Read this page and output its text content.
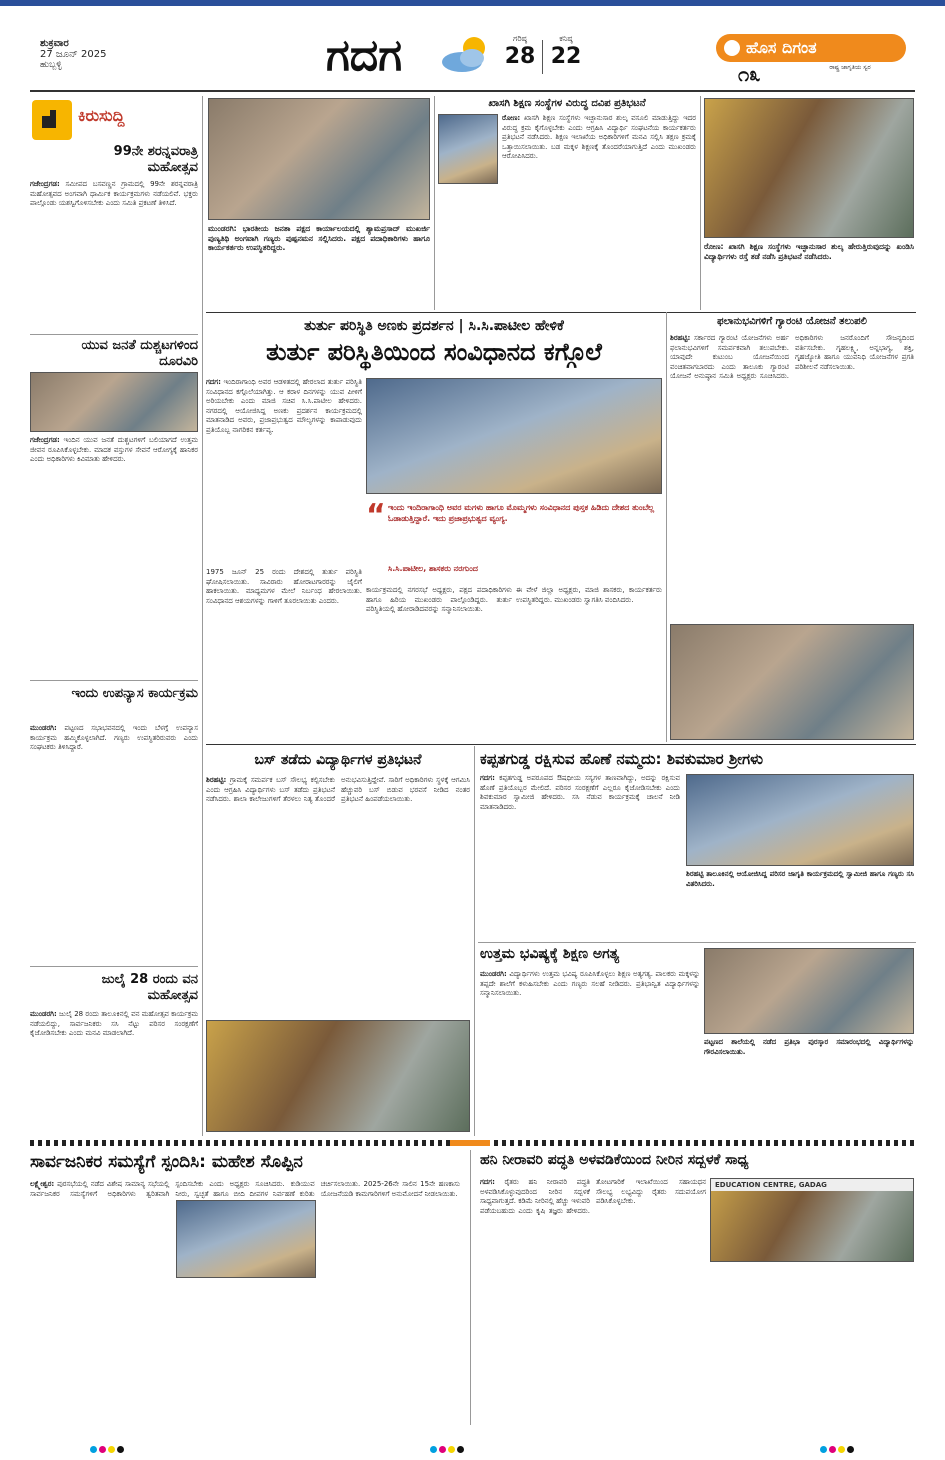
ಶುಕ್ರವಾರ
27 ಜೂನ್ 2025
ಹುಬ್ಬಳ್ಳಿ	ಗದಗ	ಗರಿಷ್ಠ
28
ಕನಿಷ್ಠ
22	ಹೊಸ ದಿಗಂತ
ರಾಷ್ಟ್ರ ಜಾಗೃತಿಯ ಸ್ವರ
೧೩
ಕಿರುಸುದ್ದಿ
99ನೇ ಶರನ್ನವರಾತ್ರಿ ಮಹೋತ್ಸವ
ಗಜೇಂದ್ರಗಡ: ಸಮೀಪದ ಬಸವಣ್ಣನ ಗ್ರಾಮದಲ್ಲಿ 99ನೇ ಶರನ್ನವರಾತ್ರಿ ಮಹೋತ್ಸವದ ಅಂಗವಾಗಿ ಧಾರ್ಮಿಕ ಕಾರ್ಯಕ್ರಮಗಳು ನಡೆಯಲಿವೆ. ಭಕ್ತರು ಪಾಲ್ಗೊಂಡು ಯಶಸ್ವಿಗೊಳಿಸಬೇಕು ಎಂದು ಸಮಿತಿ ಪ್ರಕಟಣೆ ತಿಳಿಸಿದೆ.
ಯುವ ಜನತೆ ದುಶ್ಚಟಗಳಿಂದ ದೂರವಿರಿ
ಗಜೇಂದ್ರಗಡ: ಇಂದಿನ ಯುವ ಜನತೆ ದುಶ್ಚಟಗಳಿಗೆ ಬಲಿಯಾಗದೆ ಉತ್ತಮ ಜೀವನ ರೂಪಿಸಿಕೊಳ್ಳಬೇಕು. ಮಾದಕ ವಸ್ತುಗಳ ಸೇವನೆ ಆರೋಗ್ಯಕ್ಕೆ ಹಾನಿಕರ ಎಂದು ಅಧಿಕಾರಿಗಳು ಕಿವಿಮಾತು ಹೇಳಿದರು.
ಇಂದು ಉಪನ್ಯಾಸ ಕಾರ್ಯಕ್ರಮ
ಮುಂಡರಗಿ: ಪಟ್ಟಣದ ಸಭಾಭವನದಲ್ಲಿ ಇಂದು ಬೆಳಗ್ಗೆ ಉಪನ್ಯಾಸ ಕಾರ್ಯಕ್ರಮ ಹಮ್ಮಿಕೊಳ್ಳಲಾಗಿದೆ. ಗಣ್ಯರು ಉಪಸ್ಥಿತರಿರುವರು ಎಂದು ಸಂಘಟಕರು ತಿಳಿಸಿದ್ದಾರೆ.
ಜುಲೈ 28 ರಂದು ವನ ಮಹೋತ್ಸವ
ಮುಂಡರಗಿ: ಜುಲೈ 28 ರಂದು ತಾಲೂಕಿನಲ್ಲಿ ವನ ಮಹೋತ್ಸವ ಕಾರ್ಯಕ್ರಮ ನಡೆಯಲಿದ್ದು, ಸಾರ್ವಜನಿಕರು ಸಸಿ ನೆಟ್ಟು ಪರಿಸರ ಸಂರಕ್ಷಣೆಗೆ ಕೈಜೋಡಿಸಬೇಕು ಎಂದು ಮನವಿ ಮಾಡಲಾಗಿದೆ.
ಮುಂಡರಗಿ: ಭಾರತೀಯ ಜನತಾ ಪಕ್ಷದ ಕಾರ್ಯಾಲಯದಲ್ಲಿ ಶ್ಯಾಮಪ್ರಸಾದ್ ಮುಖರ್ಜಿ ಪುಣ್ಯತಿಥಿ ಅಂಗವಾಗಿ ಗಣ್ಯರು ಪುಷ್ಪನಮನ ಸಲ್ಲಿಸಿದರು. ಪಕ್ಷದ ಪದಾಧಿಕಾರಿಗಳು ಹಾಗೂ ಕಾರ್ಯಕರ್ತರು ಉಪಸ್ಥಿತರಿದ್ದರು.
ಖಾಸಗಿ ಶಿಕ್ಷಣ ಸಂಸ್ಥೆಗಳ ವಿರುದ್ಧ ದವಿಪ ಪ್ರತಿಭಟನೆ
ರೋಣ: ಖಾಸಗಿ ಶಿಕ್ಷಣ ಸಂಸ್ಥೆಗಳು ಇಚ್ಛಾನುಸಾರ ಶುಲ್ಕ ವಸೂಲಿ ಮಾಡುತ್ತಿದ್ದು ಇದರ ವಿರುದ್ಧ ಕ್ರಮ ಕೈಗೊಳ್ಳಬೇಕು ಎಂದು ಆಗ್ರಹಿಸಿ ವಿದ್ಯಾರ್ಥಿ ಸಂಘಟನೆಯ ಕಾರ್ಯಕರ್ತರು ಪ್ರತಿಭಟನೆ ನಡೆಸಿದರು. ಶಿಕ್ಷಣ ಇಲಾಖೆಯ ಅಧಿಕಾರಿಗಳಿಗೆ ಮನವಿ ಸಲ್ಲಿಸಿ ತಕ್ಷಣ ಕ್ರಮಕ್ಕೆ ಒತ್ತಾಯಿಸಲಾಯಿತು. ಬಡ ಮಕ್ಕಳ ಶಿಕ್ಷಣಕ್ಕೆ ತೊಂದರೆಯಾಗುತ್ತಿದೆ ಎಂದು ಮುಖಂಡರು ಆರೋಪಿಸಿದರು.
ರೋಣ: ಖಾಸಗಿ ಶಿಕ್ಷಣ ಸಂಸ್ಥೆಗಳು ಇಚ್ಛಾನುಸಾರ ಶುಲ್ಕ ಹೇರುತ್ತಿರುವುದನ್ನು ಖಂಡಿಸಿ ವಿದ್ಯಾರ್ಥಿಗಳು ರಸ್ತೆ ತಡೆ ನಡೆಸಿ ಪ್ರತಿಭಟನೆ ನಡೆಸಿದರು.
ತುರ್ತು ಪರಿಸ್ಥಿತಿ ಅಣಕು ಪ್ರದರ್ಶನ | ಸಿ.ಸಿ.ಪಾಟೀಲ ಹೇಳಿಕೆ
ತುರ್ತು ಪರಿಸ್ಥಿತಿಯಿಂದ ಸಂವಿಧಾನದ ಕಗ್ಗೊಲೆ
ಗದಗ: ಇಂದಿರಾಗಾಂಧಿ ಅವರ ಆಡಳಿತದಲ್ಲಿ ಹೇರಲಾದ ತುರ್ತು ಪರಿಸ್ಥಿತಿ ಸಂವಿಧಾನದ ಕಗ್ಗೊಲೆಯಾಗಿತ್ತು. ಆ ಕರಾಳ ದಿನಗಳನ್ನು ಯುವ ಪೀಳಿಗೆ ಅರಿಯಬೇಕು ಎಂದು ಮಾಜಿ ಸಚಿವ ಸಿ.ಸಿ.ಪಾಟೀಲ ಹೇಳಿದರು. ನಗರದಲ್ಲಿ ಆಯೋಜಿಸಿದ್ದ ಅಣಕು ಪ್ರದರ್ಶನ ಕಾರ್ಯಕ್ರಮದಲ್ಲಿ ಮಾತನಾಡಿದ ಅವರು, ಪ್ರಜಾಪ್ರಭುತ್ವದ ಮೌಲ್ಯಗಳನ್ನು ಕಾಪಾಡುವುದು ಪ್ರತಿಯೊಬ್ಬ ನಾಗರಿಕನ ಕರ್ತವ್ಯ.
“ ಇಂದು ಇಂದಿರಾಗಾಂಧಿ ಅವರ ಮಗಳು ಹಾಗೂ ಮೊಮ್ಮಗಳು ಸಂವಿಧಾನದ ಪುಸ್ತಕ ಹಿಡಿದು ದೇಶದ ತುಂಬೆಲ್ಲ ಓಡಾಡುತ್ತಿದ್ದಾರೆ. ಇದು ಪ್ರಜಾಪ್ರಭುತ್ವದ ವ್ಯಂಗ್ಯ.
ಸಿ.ಸಿ.ಪಾಟೀಲ, ಶಾಸಕರು ನರಗುಂದ
1975 ಜೂನ್ 25 ರಂದು ದೇಶದಲ್ಲಿ ತುರ್ತು ಪರಿಸ್ಥಿತಿ ಘೋಷಿಸಲಾಯಿತು. ಸಾವಿರಾರು ಹೋರಾಟಗಾರರನ್ನು ಜೈಲಿಗೆ ಹಾಕಲಾಯಿತು. ಮಾಧ್ಯಮಗಳ ಮೇಲೆ ನಿರ್ಬಂಧ ಹೇರಲಾಯಿತು. ಸಂವಿಧಾನದ ಆಶಯಗಳನ್ನು ಗಾಳಿಗೆ ತೂರಲಾಯಿತು ಎಂದರು.
ಕಾರ್ಯಕ್ರಮದಲ್ಲಿ ನಗರಸಭೆ ಅಧ್ಯಕ್ಷರು, ಪಕ್ಷದ ಪದಾಧಿಕಾರಿಗಳು ಹಾಗೂ ಹಿರಿಯ ಮುಖಂಡರು ಪಾಲ್ಗೊಂಡಿದ್ದರು. ತುರ್ತು ಪರಿಸ್ಥಿತಿಯಲ್ಲಿ ಹೋರಾಡಿದವರನ್ನು ಸನ್ಮಾನಿಸಲಾಯಿತು.
ಈ ವೇಳೆ ಜಿಲ್ಲಾ ಅಧ್ಯಕ್ಷರು, ಮಾಜಿ ಶಾಸಕರು, ಕಾರ್ಯಕರ್ತರು ಉಪಸ್ಥಿತರಿದ್ದರು. ಮುಖಂಡರು ಸ್ವಾಗತಿಸಿ ವಂದಿಸಿದರು.
ಫಲಾನುಭವಿಗಳಿಗೆ ಗ್ಯಾರಂಟಿ ಯೋಜನೆ ತಲುಪಲಿ
ಶಿರಹಟ್ಟಿ: ಸರ್ಕಾರದ ಗ್ಯಾರಂಟಿ ಯೋಜನೆಗಳು ಅರ್ಹ ಫಲಾನುಭವಿಗಳಿಗೆ ಸಮರ್ಪಕವಾಗಿ ತಲುಪಬೇಕು. ಯಾವುದೇ ಕುಟುಂಬ ಯೋಜನೆಯಿಂದ ವಂಚಿತವಾಗಬಾರದು ಎಂದು ತಾಲೂಕು ಗ್ಯಾರಂಟಿ ಯೋಜನೆ ಅನುಷ್ಠಾನ ಸಮಿತಿ ಅಧ್ಯಕ್ಷರು ಸೂಚಿಸಿದರು. ಅಧಿಕಾರಿಗಳು ಜನರೊಂದಿಗೆ ಸೌಜನ್ಯದಿಂದ ವರ್ತಿಸಬೇಕು. ಗೃಹಲಕ್ಷ್ಮಿ, ಅನ್ನಭಾಗ್ಯ, ಶಕ್ತಿ, ಗೃಹಜ್ಯೋತಿ ಹಾಗೂ ಯುವನಿಧಿ ಯೋಜನೆಗಳ ಪ್ರಗತಿ ಪರಿಶೀಲನೆ ನಡೆಸಲಾಯಿತು.
ಬಸ್ ತಡೆದು ವಿದ್ಯಾರ್ಥಿಗಳ ಪ್ರತಿಭಟನೆ
ಶಿರಹಟ್ಟಿ: ಗ್ರಾಮಕ್ಕೆ ಸಮರ್ಪಕ ಬಸ್ ಸೌಲಭ್ಯ ಕಲ್ಪಿಸಬೇಕು ಎಂದು ಆಗ್ರಹಿಸಿ ವಿದ್ಯಾರ್ಥಿಗಳು ಬಸ್ ತಡೆದು ಪ್ರತಿಭಟನೆ ನಡೆಸಿದರು. ಶಾಲಾ ಕಾಲೇಜುಗಳಿಗೆ ತೆರಳಲು ನಿತ್ಯ ತೊಂದರೆ ಅನುಭವಿಸುತ್ತಿದ್ದೇವೆ. ಸಾರಿಗೆ ಅಧಿಕಾರಿಗಳು ಸ್ಥಳಕ್ಕೆ ಆಗಮಿಸಿ ಹೆಚ್ಚುವರಿ ಬಸ್ ಬಿಡುವ ಭರವಸೆ ನೀಡಿದ ನಂತರ ಪ್ರತಿಭಟನೆ ಹಿಂಪಡೆಯಲಾಯಿತು.
ಕಪ್ಪತಗುಡ್ಡ ರಕ್ಷಿಸುವ ಹೊಣೆ ನಮ್ಮದು: ಶಿವಕುಮಾರ ಶ್ರೀಗಳು
ಗದಗ: ಕಪ್ಪತಗುಡ್ಡ ಅಪರೂಪದ ಔಷಧೀಯ ಸಸ್ಯಗಳ ತಾಣವಾಗಿದ್ದು, ಅದನ್ನು ರಕ್ಷಿಸುವ ಹೊಣೆ ಪ್ರತಿಯೊಬ್ಬರ ಮೇಲಿದೆ. ಪರಿಸರ ಸಂರಕ್ಷಣೆಗೆ ಎಲ್ಲರೂ ಕೈಜೋಡಿಸಬೇಕು ಎಂದು ಶಿವಕುಮಾರ ಸ್ವಾಮೀಜಿ ಹೇಳಿದರು. ಸಸಿ ನೆಡುವ ಕಾರ್ಯಕ್ರಮಕ್ಕೆ ಚಾಲನೆ ನೀಡಿ ಮಾತನಾಡಿದರು.
ಶಿರಹಟ್ಟಿ ತಾಲೂಕಿನಲ್ಲಿ ಆಯೋಜಿಸಿದ್ದ ಪರಿಸರ ಜಾಗೃತಿ ಕಾರ್ಯಕ್ರಮದಲ್ಲಿ ಸ್ವಾಮೀಜಿ ಹಾಗೂ ಗಣ್ಯರು ಸಸಿ ವಿತರಿಸಿದರು.
ಉತ್ತಮ ಭವಿಷ್ಯಕ್ಕೆ ಶಿಕ್ಷಣ ಅಗತ್ಯ
ಮುಂಡರಗಿ: ವಿದ್ಯಾರ್ಥಿಗಳು ಉತ್ತಮ ಭವಿಷ್ಯ ರೂಪಿಸಿಕೊಳ್ಳಲು ಶಿಕ್ಷಣ ಅತ್ಯಗತ್ಯ. ಪಾಲಕರು ಮಕ್ಕಳನ್ನು ತಪ್ಪದೇ ಶಾಲೆಗೆ ಕಳುಹಿಸಬೇಕು ಎಂದು ಗಣ್ಯರು ಸಲಹೆ ನೀಡಿದರು. ಪ್ರತಿಭಾನ್ವಿತ ವಿದ್ಯಾರ್ಥಿಗಳನ್ನು ಸನ್ಮಾನಿಸಲಾಯಿತು.
ಪಟ್ಟಣದ ಶಾಲೆಯಲ್ಲಿ ನಡೆದ ಪ್ರತಿಭಾ ಪುರಸ್ಕಾರ ಸಮಾರಂಭದಲ್ಲಿ ವಿದ್ಯಾರ್ಥಿಗಳನ್ನು ಗೌರವಿಸಲಾಯಿತು.
ಸಾರ್ವಜನಿಕರ ಸಮಸ್ಯೆಗೆ ಸ್ಪಂದಿಸಿ: ಮಹೇಶ ಸೊಪ್ಪಿನ
ಲಕ್ಷ್ಮೇಶ್ವರ: ಪುರಸಭೆಯಲ್ಲಿ ನಡೆದ ವಿಶೇಷ ಸಾಮಾನ್ಯ ಸಭೆಯಲ್ಲಿ ಸಾರ್ವಜನಿಕರ ಸಮಸ್ಯೆಗಳಿಗೆ ಅಧಿಕಾರಿಗಳು ತ್ವರಿತವಾಗಿ ಸ್ಪಂದಿಸಬೇಕು ಎಂದು ಅಧ್ಯಕ್ಷರು ಸೂಚಿಸಿದರು. ಕುಡಿಯುವ ನೀರು, ಸ್ವಚ್ಛತೆ ಹಾಗೂ ಬೀದಿ ದೀಪಗಳ ನಿರ್ವಹಣೆ ಕುರಿತು ಚರ್ಚಿಸಲಾಯಿತು. 2025-26ನೇ ಸಾಲಿನ 15ನೇ ಹಣಕಾಸು ಯೋಜನೆಯಡಿ ಕಾಮಗಾರಿಗಳಿಗೆ ಅನುಮೋದನೆ ನೀಡಲಾಯಿತು.
ಹನಿ ನೀರಾವರಿ ಪದ್ಧತಿ ಅಳವಡಿಕೆಯಿಂದ ನೀರಿನ ಸದ್ಬಳಕೆ ಸಾಧ್ಯ
ಗದಗ: ರೈತರು ಹನಿ ನೀರಾವರಿ ಪದ್ಧತಿ ಅಳವಡಿಸಿಕೊಳ್ಳುವುದರಿಂದ ನೀರಿನ ಸದ್ಬಳಕೆ ಸಾಧ್ಯವಾಗುತ್ತದೆ. ಕಡಿಮೆ ನೀರಿನಲ್ಲಿ ಹೆಚ್ಚು ಇಳುವರಿ ಪಡೆಯಬಹುದು ಎಂದು ಕೃಷಿ ತಜ್ಞರು ಹೇಳಿದರು. ತೋಟಗಾರಿಕೆ ಇಲಾಖೆಯಿಂದ ಸಹಾಯಧನ ಸೌಲಭ್ಯ ಲಭ್ಯವಿದ್ದು ರೈತರು ಸದುಪಯೋಗ ಪಡಿಸಿಕೊಳ್ಳಬೇಕು.
EDUCATION CENTRE, GADAG
